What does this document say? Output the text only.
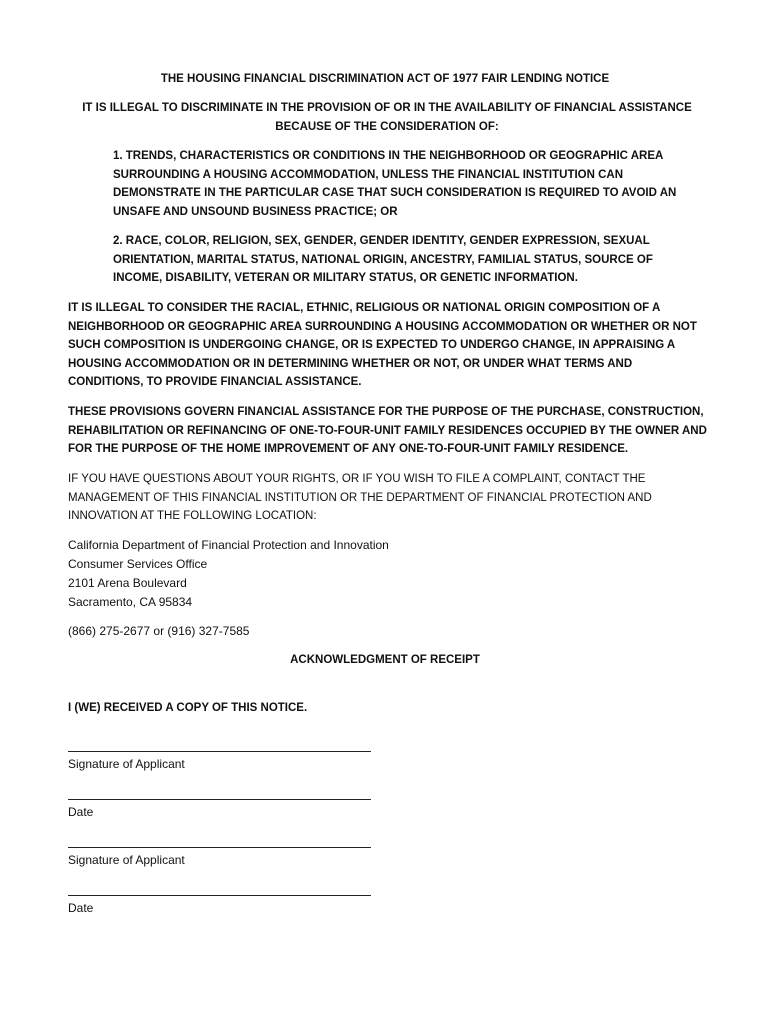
THE HOUSING FINANCIAL DISCRIMINATION ACT OF 1977 FAIR LENDING NOTICE
IT IS ILLEGAL TO DISCRIMINATE IN THE PROVISION OF OR IN THE AVAILABILITY OF FINANCIAL ASSISTANCE BECAUSE OF THE CONSIDERATION OF:
1. TRENDS, CHARACTERISTICS OR CONDITIONS IN THE NEIGHBORHOOD OR GEOGRAPHIC AREA SURROUNDING A HOUSING ACCOMMODATION, UNLESS THE FINANCIAL INSTITUTION CAN DEMONSTRATE IN THE PARTICULAR CASE THAT SUCH CONSIDERATION IS REQUIRED TO AVOID AN UNSAFE AND UNSOUND BUSINESS PRACTICE; OR
2. RACE, COLOR, RELIGION, SEX, GENDER, GENDER IDENTITY, GENDER EXPRESSION, SEXUAL ORIENTATION, MARITAL STATUS, NATIONAL ORIGIN, ANCESTRY, FAMILIAL STATUS, SOURCE OF INCOME, DISABILITY, VETERAN OR MILITARY STATUS, OR GENETIC INFORMATION.
IT IS ILLEGAL TO CONSIDER THE RACIAL, ETHNIC, RELIGIOUS OR NATIONAL ORIGIN COMPOSITION OF A NEIGHBORHOOD OR GEOGRAPHIC AREA SURROUNDING A HOUSING ACCOMMODATION OR WHETHER OR NOT SUCH COMPOSITION IS UNDERGOING CHANGE, OR IS EXPECTED TO UNDERGO CHANGE, IN APPRAISING A HOUSING ACCOMMODATION OR IN DETERMINING WHETHER OR NOT, OR UNDER WHAT TERMS AND CONDITIONS, TO PROVIDE FINANCIAL ASSISTANCE.
THESE PROVISIONS GOVERN FINANCIAL ASSISTANCE FOR THE PURPOSE OF THE PURCHASE, CONSTRUCTION, REHABILITATION OR REFINANCING OF ONE-TO-FOUR-UNIT FAMILY RESIDENCES OCCUPIED BY THE OWNER AND FOR THE PURPOSE OF THE HOME IMPROVEMENT OF ANY ONE-TO-FOUR-UNIT FAMILY RESIDENCE.
IF YOU HAVE QUESTIONS ABOUT YOUR RIGHTS, OR IF YOU WISH TO FILE A COMPLAINT, CONTACT THE MANAGEMENT OF THIS FINANCIAL INSTITUTION OR THE DEPARTMENT OF FINANCIAL PROTECTION AND INNOVATION AT THE FOLLOWING LOCATION:
California Department of Financial Protection and Innovation
Consumer Services Office
2101 Arena Boulevard
Sacramento, CA 95834
(866) 275-2677 or (916) 327-7585
ACKNOWLEDGMENT OF RECEIPT
I (WE) RECEIVED A COPY OF THIS NOTICE.
Signature of Applicant
Date
Signature of Applicant
Date
